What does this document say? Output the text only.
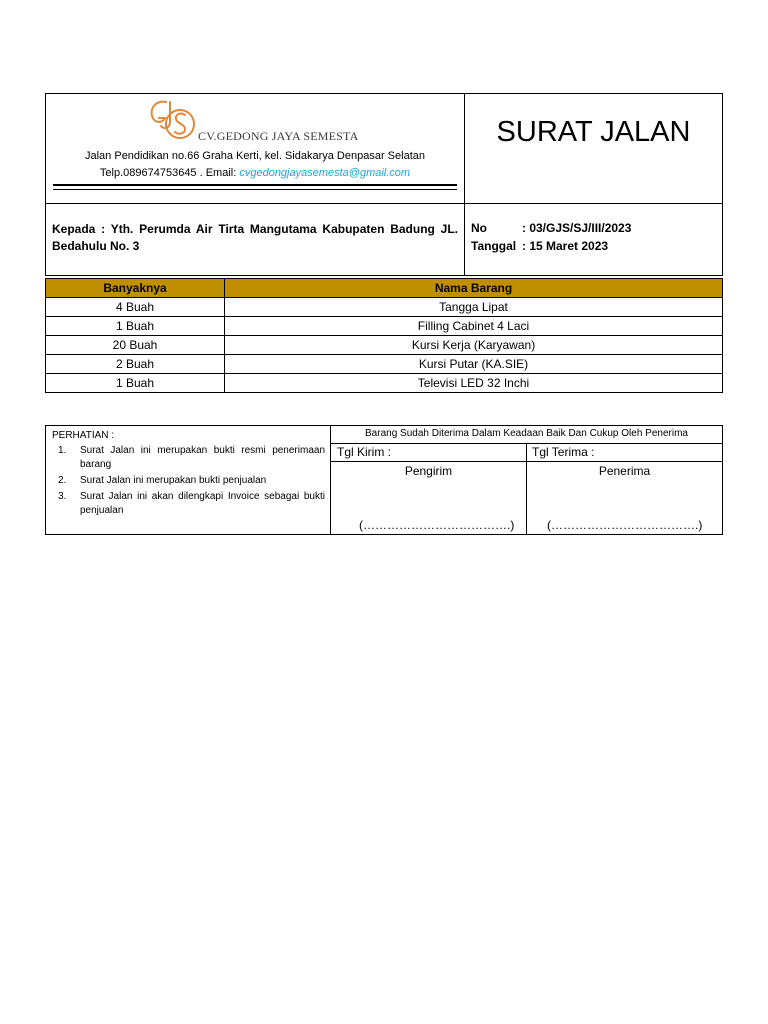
CV.GEDONG JAYA SEMESTA
Jalan Pendidikan no.66 Graha Kerti, kel. Sidakarya Denpasar Selatan
Telp.089674753645 . Email: cvgedongjayasemesta@gmail.com
SURAT JALAN
Kepada : Yth. Perumda Air Tirta Mangutama Kabupaten Badung JL. Bedahulu No. 3
No	: 03/GJS/SJ/III/2023
Tanggal : 15 Maret 2023
Banyaknya	Nama Barang
4 Buah	Tangga Lipat
1 Buah	Filling Cabinet 4 Laci
20 Buah	Kursi Kerja (Karyawan)
2 Buah	Kursi Putar (KA.SIE)
1 Buah	Televisi LED 32 Inchi
PERHATIAN :
1. Surat Jalan ini merupakan bukti resmi penerimaan barang
2. Surat Jalan ini merupakan bukti penjualan
3. Surat Jalan ini akan dilengkapi Invoice sebagai bukti penjualan
Barang Sudah Diterima Dalam Keadaan Baik Dan Cukup Oleh Penerima
Tgl Kirim :	Tgl Terima :
Pengirim	Penerima
(……………………………….)	(……………………………….)
